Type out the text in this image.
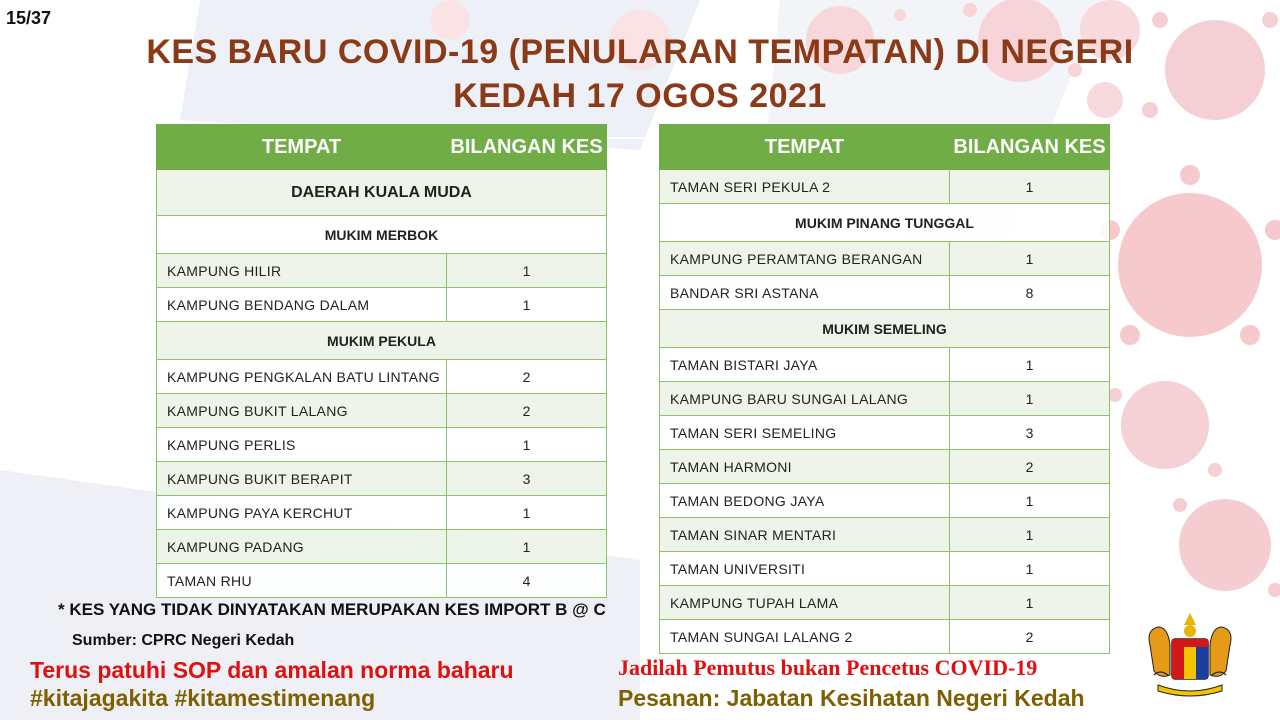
15/37
KES BARU COVID-19 (PENULARAN TEMPATAN) DI NEGERI
KEDAH 17 OGOS 2021
TEMPAT	BILANGAN KES
DAERAH KUALA MUDA	
MUKIM MERBOK	
KAMPUNG HILIR	1
KAMPUNG BENDANG DALAM	1
MUKIM PEKULA	
KAMPUNG PENGKALAN BATU LINTANG	2
KAMPUNG BUKIT LALANG	2
KAMPUNG PERLIS	1
KAMPUNG BUKIT BERAPIT	3
KAMPUNG PAYA KERCHUT	1
KAMPUNG PADANG	1
TAMAN RHU	4
TEMPAT	BILANGAN KES
TAMAN SERI PEKULA 2	1
MUKIM PINANG TUNGGAL	
KAMPUNG PERAMTANG BERANGAN	1
BANDAR SRI ASTANA	8
MUKIM SEMELING	
TAMAN BISTARI JAYA	1
KAMPUNG BARU SUNGAI LALANG	1
TAMAN SERI SEMELING	3
TAMAN HARMONI	2
TAMAN BEDONG JAYA	1
TAMAN SINAR MENTARI	1
TAMAN UNIVERSITI	1
KAMPUNG TUPAH LAMA	1
TAMAN SUNGAI LALANG 2	2
* KES YANG TIDAK DINYATAKAN MERUPAKAN KES IMPORT B @ C
Sumber: CPRC Negeri Kedah
Terus patuhi SOP dan amalan norma baharu
#kitajagakita #kitamestimenang
Jadilah Pemutus bukan Pencetus COVID-19
Pesanan: Jabatan Kesihatan Negeri Kedah
